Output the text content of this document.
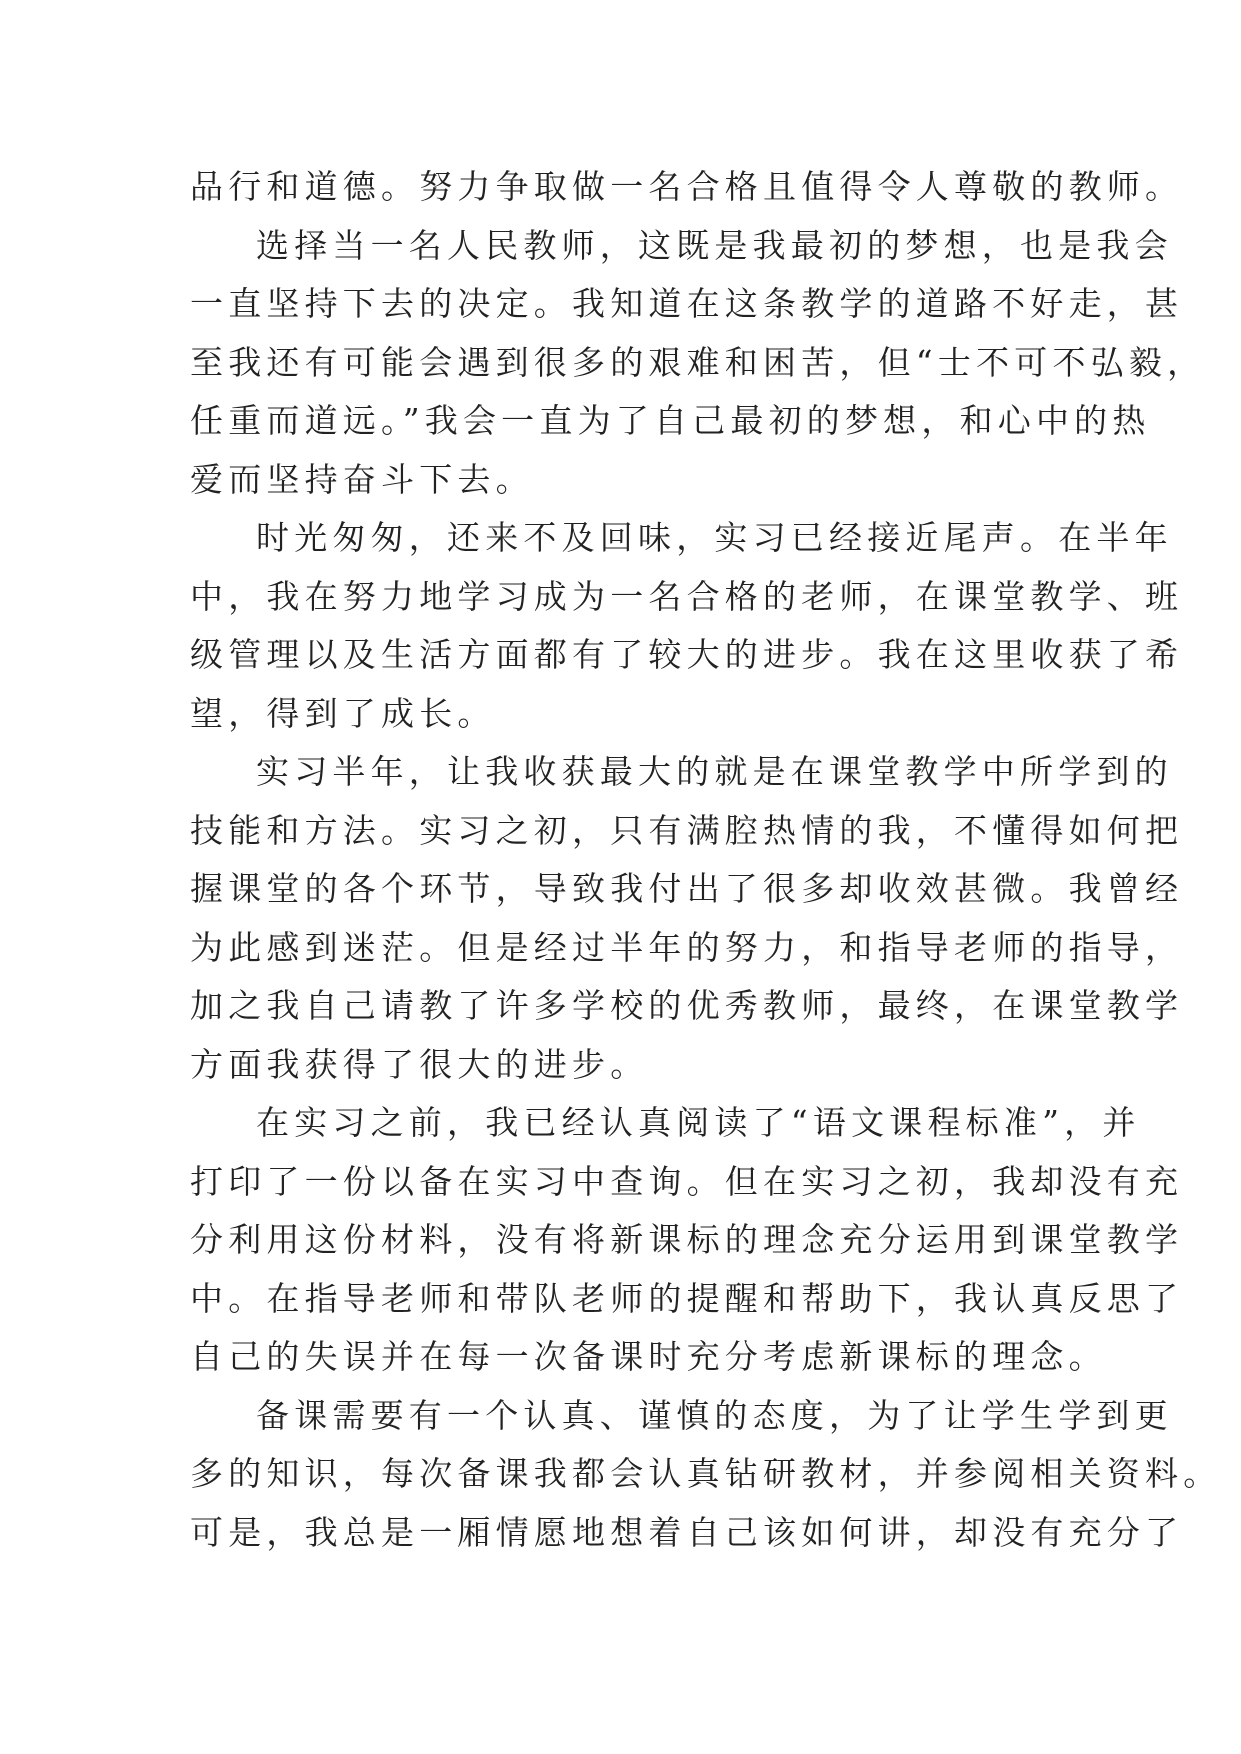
品行和道德。努力争取做一名合格且值得令人尊敬的教师。
选择当一名人民教师，这既是我最初的梦想，也是我会
一直坚持下去的决定。我知道在这条教学的道路不好走，甚
至我还有可能会遇到很多的艰难和困苦，但“士不可不弘毅，
任重而道远。”我会一直为了自己最初的梦想，和心中的热
爱而坚持奋斗下去。
时光匆匆，还来不及回味，实习已经接近尾声。在半年
中，我在努力地学习成为一名合格的老师，在课堂教学、班
级管理以及生活方面都有了较大的进步。我在这里收获了希
望，得到了成长。
实习半年，让我收获最大的就是在课堂教学中所学到的
技能和方法。实习之初，只有满腔热情的我，不懂得如何把
握课堂的各个环节，导致我付出了很多却收效甚微。我曾经
为此感到迷茫。但是经过半年的努力，和指导老师的指导，
加之我自己请教了许多学校的优秀教师，最终，在课堂教学
方面我获得了很大的进步。
在实习之前，我已经认真阅读了“语文课程标准”，并
打印了一份以备在实习中查询。但在实习之初，我却没有充
分利用这份材料，没有将新课标的理念充分运用到课堂教学
中。在指导老师和带队老师的提醒和帮助下，我认真反思了
自己的失误并在每一次备课时充分考虑新课标的理念。
备课需要有一个认真、谨慎的态度，为了让学生学到更
多的知识，每次备课我都会认真钻研教材，并参阅相关资料。
可是，我总是一厢情愿地想着自己该如何讲，却没有充分了
